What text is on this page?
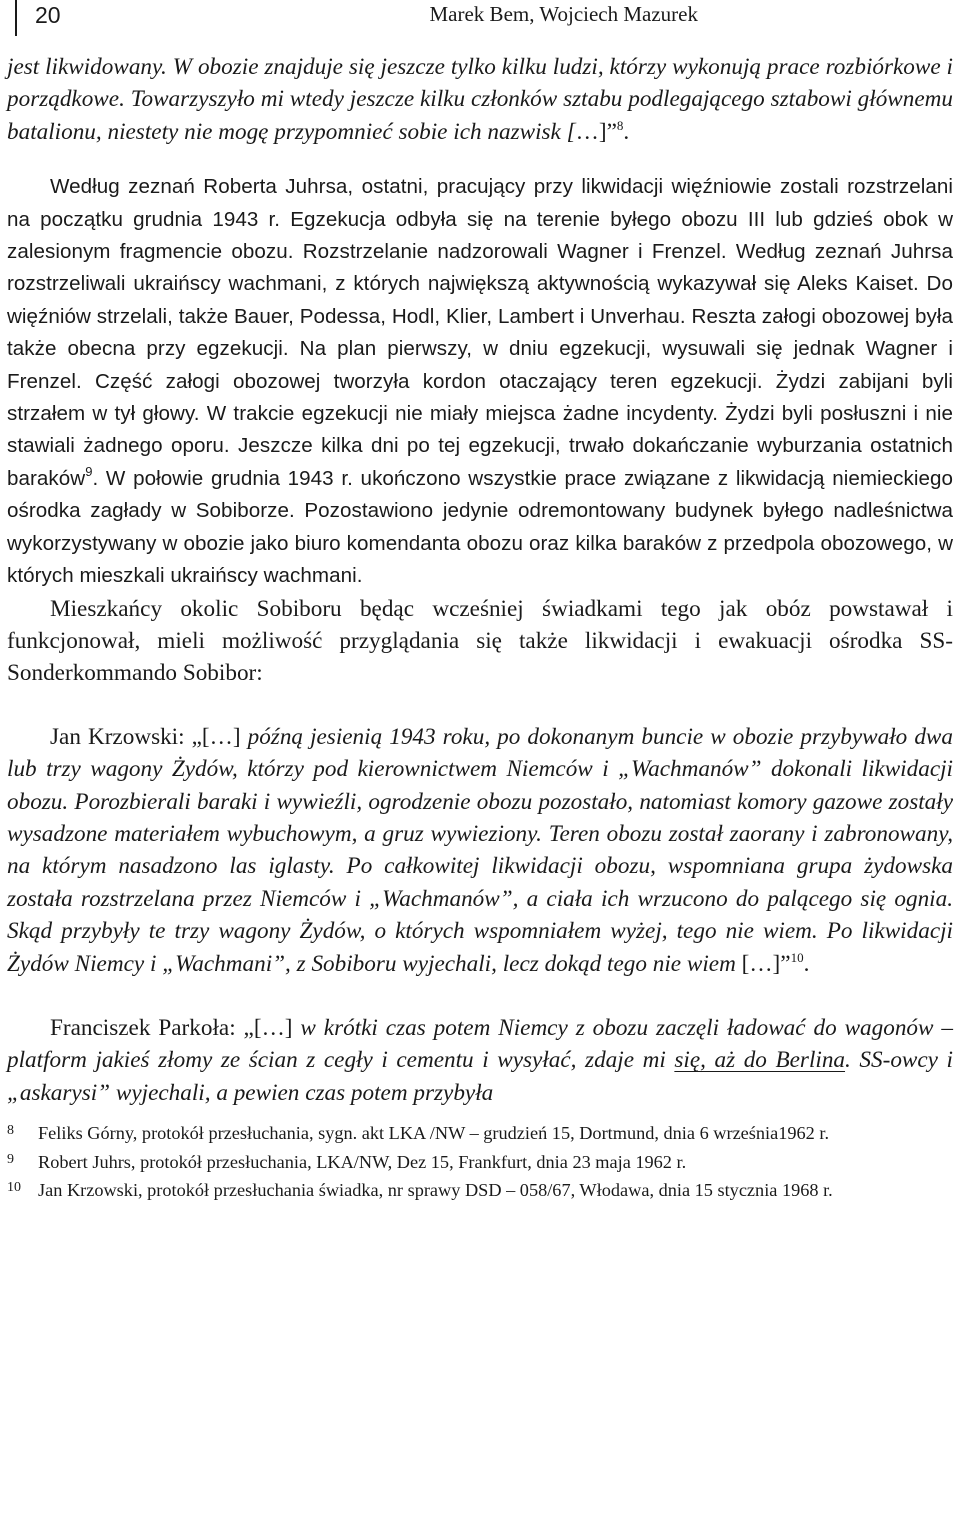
20	Marek Bem, Wojciech Mazurek

jest likwidowany. W obozie znajduje się jeszcze tylko kilku ludzi, którzy wykonują prace rozbiórkowe i porządkowe. Towarzyszyło mi wtedy jeszcze kilku członków sztabu podlegającego sztabowi głównemu batalionu, niestety nie mogę przypomnieć sobie ich nazwisk […]”$^8$.

Według zeznań Roberta Juhrsa, ostatni, pracujący przy likwidacji więźniowie zostali rozstrzelani na początku grudnia 1943 r. Egzekucja odbyła się na terenie byłego obozu III lub gdzieś obok w zalesionym fragmencie obozu. Rozstrzelanie nadzorowali Wagner i Frenzel. Według zeznań Juhrsa rozstrzeliwali ukraińscy wachmani, z których największą aktywnością wykazywał się Aleks Kaiset. Do więźniów strzelali, także Bauer, Podessa, Hodl, Klier, Lambert i Unverhau. Reszta załogi obozowej była także obecna przy egzekucji. Na plan pierwszy, w dniu egzekucji, wysuwali się jednak Wagner i Frenzel. Część załogi obozowej tworzyła kordon otaczający teren egzekucji. Żydzi zabijani byli strzałem w tył głowy. W trakcie egzekucji nie miały miejsca żadne incydenty. Żydzi byli posłuszni i nie stawiali żadnego oporu. Jeszcze kilka dni po tej egzekucji, trwało dokańczanie wyburzania ostatnich baraków$^9$. W połowie grudnia 1943 r. ukończono wszystkie prace związane z likwidacją niemieckiego ośrodka zagłady w Sobiborze. Pozostawiono jedynie odremontowany budynek byłego nadleśnictwa wykorzystywany w obozie jako biuro komendanta obozu oraz kilka baraków z przedpola obozowego, w których mieszkali ukraińscy wachmani.

Mieszkańcy okolic Sobiboru będąc wcześniej świadkami tego jak obóz powstawał i funkcjonował, mieli możliwość przyglądania się także likwidacji i ewakuacji ośrodka SS-Sonderkommando Sobibor:

Jan Krzowski: „[…] późną jesienią 1943 roku, po dokonanym buncie w obozie przybywało dwa lub trzy wagony Żydów, którzy pod kierownictwem Niemców i „Wachmanów” dokonali likwidacji obozu. Porozbierali baraki i wywieźli, ogrodzenie obozu pozostało, natomiast komory gazowe zostały wysadzone materiałem wybuchowym, a gruz wywieziony. Teren obozu został zaorany i zabronowany, na którym nasadzono las iglasty. Po całkowitej likwidacji obozu, wspomniana grupa żydowska została rozstrzelana przez Niemców i „Wachmanów”, a ciała ich wrzucono do palącego się ognia. Skąd przybyły te trzy wagony Żydów, o których wspomniałem wyżej, tego nie wiem. Po likwidacji Żydów Niemcy i „Wachmani”, z Sobiboru wyjechali, lecz dokąd tego nie wiem […]”$^{10}$.

Franciszek Parkoła: „[…] w krótki czas potem Niemcy z obozu zaczęli ładować do wagonów – platform jakieś złomy ze ścian z cegły i cementu i wysyłać, zdaje mi się, aż do Berlina. SS-owcy i „askarysi” wyjechali, a pewien czas potem przybyła

8 Feliks Górny, protokół przesłuchania, sygn. akt LKA /NW – grudzień 15, Dortmund, dnia 6 września1962 r.
9 Robert Juhrs, protokół przesłuchania, LKA/NW, Dez 15, Frankfurt, dnia 23 maja 1962 r.
10 Jan Krzowski, protokół przesłuchania świadka, nr sprawy DSD – 058/67, Włodawa, dnia 15 stycznia 1968 r.
